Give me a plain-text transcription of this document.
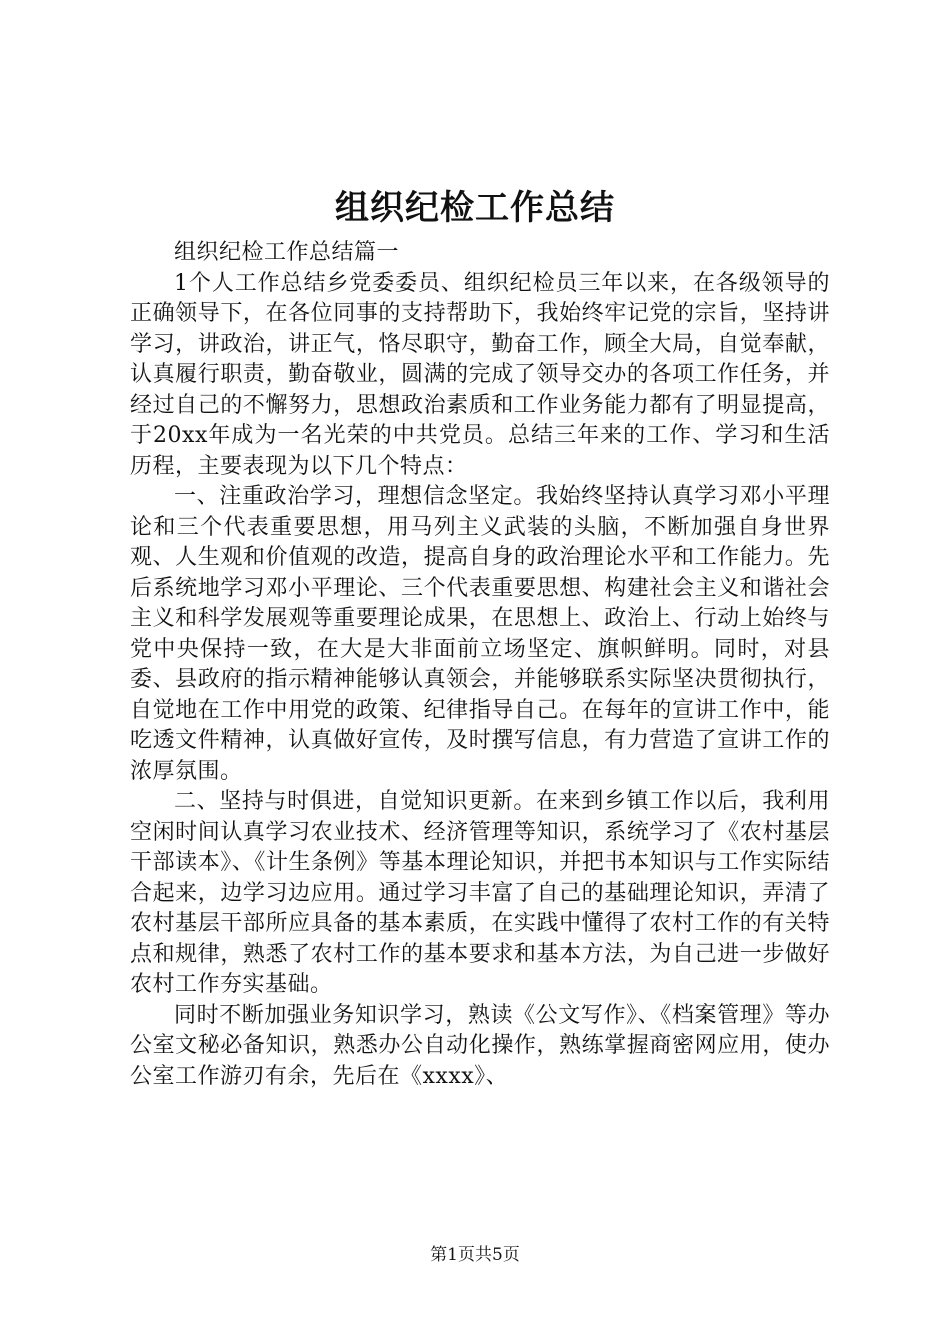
组织纪检工作总结

组织纪检工作总结篇一

1个人工作总结乡党委委员、组织纪检员三年以来，在各级领导的正确领导下，在各位同事的支持帮助下，我始终牢记党的宗旨，坚持讲学习，讲政治，讲正气，恪尽职守，勤奋工作，顾全大局，自觉奉献，认真履行职责，勤奋敬业，圆满的完成了领导交办的各项工作任务，并经过自己的不懈努力，思想政治素质和工作业务能力都有了明显提高，于20xx年成为一名光荣的中共党员。总结三年来的工作、学习和生活历程，主要表现为以下几个特点：

一、注重政治学习，理想信念坚定。我始终坚持认真学习邓小平理论和三个代表重要思想，用马列主义武装的头脑，不断加强自身世界观、人生观和价值观的改造，提高自身的政治理论水平和工作能力。先后系统地学习邓小平理论、三个代表重要思想、构建社会主义和谐社会主义和科学发展观等重要理论成果，在思想上、政治上、行动上始终与党中央保持一致，在大是大非面前立场坚定、旗帜鲜明。同时，对县委、县政府的指示精神能够认真领会，并能够联系实际坚决贯彻执行，自觉地在工作中用党的政策、纪律指导自己。在每年的宣讲工作中，能吃透文件精神，认真做好宣传，及时撰写信息，有力营造了宣讲工作的浓厚氛围。

二、坚持与时俱进，自觉知识更新。在来到乡镇工作以后，我利用空闲时间认真学习农业技术、经济管理等知识，系统学习了《农村基层干部读本》、《计生条例》等基本理论知识，并把书本知识与工作实际结合起来，边学习边应用。通过学习丰富了自己的基础理论知识，弄清了农村基层干部所应具备的基本素质，在实践中懂得了农村工作的有关特点和规律，熟悉了农村工作的基本要求和基本方法，为自己进一步做好农村工作夯实基础。

同时不断加强业务知识学习，熟读《公文写作》、《档案管理》等办公室文秘必备知识，熟悉办公自动化操作，熟练掌握商密网应用，使办公室工作游刃有余，先后在《xxxx》、

第1页共5页
